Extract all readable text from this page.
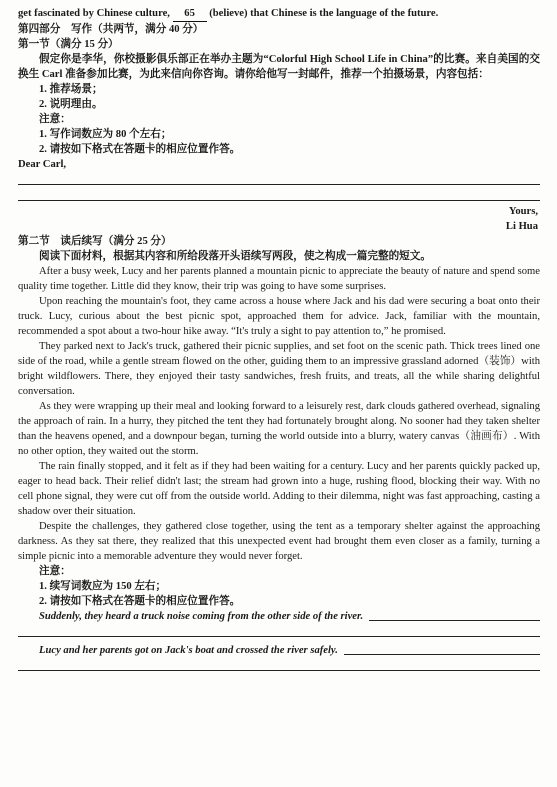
get fascinated by Chinese culture, 65 (believe) that Chinese is the language of the future.
第四部分　写作（共两节，满分 40 分）
第一节（满分 15 分）
假定你是李华，你校摄影俱乐部正在举办主题为“Colorful High School Life in China”的比赛。来自美国的交换生 Carl 准备参加比赛，为此来信向你咨询。请你给他写一封邮件，推荐一个拍摄场景，内容包括：
1. 推荐场景；
2. 说明理由。
注意：
1. 写作词数应为 80 个左右；
2. 请按如下格式在答题卡的相应位置作答。
Dear Carl,
Yours,
Li Hua
第二节　读后续写（满分 25 分）
阅读下面材料，根据其内容和所给段落开头语续写两段，使之构成一篇完整的短文。
After a busy week, Lucy and her parents planned a mountain picnic to appreciate the beauty of nature and spend some quality time together. Little did they know, their trip was going to have some surprises.
Upon reaching the mountain's foot, they came across a house where Jack and his dad were securing a boat onto their truck. Lucy, curious about the best picnic spot, approached them for advice. Jack, familiar with the mountain, recommended a spot about a two-hour hike away. “It's truly a sight to pay attention to,” he promised.
They parked next to Jack's truck, gathered their picnic supplies, and set foot on the scenic path. Thick trees lined one side of the road, while a gentle stream flowed on the other, guiding them to an impressive grassland adorned（装饰）with bright wildflowers. There, they enjoyed their tasty sandwiches, fresh fruits, and treats, all the while sharing delightful conversation.
As they were wrapping up their meal and looking forward to a leisurely rest, dark clouds gathered overhead, signaling the approach of rain. In a hurry, they pitched the tent they had fortunately brought along. No sooner had they taken shelter than the heavens opened, and a downpour began, turning the world outside into a blurry, watery canvas（油画布）. With no other option, they waited out the storm.
The rain finally stopped, and it felt as if they had been waiting for a century. Lucy and her parents quickly packed up, eager to head back. Their relief didn't last; the stream had grown into a huge, rushing flood, blocking their way. With no cell phone signal, they were cut off from the outside world. Adding to their dilemma, night was fast approaching, casting a shadow over their situation.
Despite the challenges, they gathered close together, using the tent as a temporary shelter against the approaching darkness. As they sat there, they realized that this unexpected event had brought them even closer as a family, turning a simple picnic into a memorable adventure they would never forget.
注意：
1. 续写词数应为 150 左右；
2. 请按如下格式在答题卡的相应位置作答。
Suddenly, they heard a truck noise coming from the other side of the river.
Lucy and her parents got on Jack's boat and crossed the river safely.
